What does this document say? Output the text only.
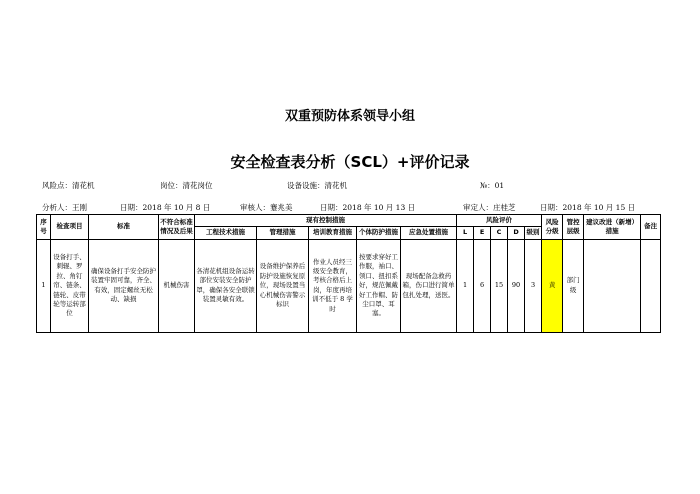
双重预防体系领导小组
安全检查表分析（SCL）+评价记录
风险点：清花机	岗位：清花岗位	设备设施：清花机	№：01
分析人：王刚	日期：2018 年 10 月 8 日	审核人：蹇兆美	日期：2018 年 10 月 13 日	审定人：庄桂芝	日期：2018 年 10 月 15 日
序号	检查项目	标准	不符合标准情况及后果	现有控制措施					风险评价					风险分级	管控层级	建议改进（新增）措施	备注
				工程技术措施	管理措施	培训教育措施	个体防护措施	应急处置措施	L	E	C	D	级别				
1	设备打手、刺辊、罗拉、角钉帘、链条、链轮、皮带轮等运转部位	确保设备打手安全防护装置牢固可靠，齐全、有效，固定螺丝无松动、缺损	机械伤害	各清花机组设备运转部位安装安全防护罩，确保各安全联锁装置灵敏有效。	设备维护保养后防护设施恢复原位，现场设置当心机械伤害警示标识	作业人员经三级安全教育，考核合格后上岗，年度再培训不低于 8 学时	按要求穿好工作服，袖口、领口、扭扣系好，规范佩戴好工作帽、防尘口罩、耳塞。	现场配备急救药箱，伤口进行简单包扎处理，送医。	1	6	15	90	3	黄	部门级		
